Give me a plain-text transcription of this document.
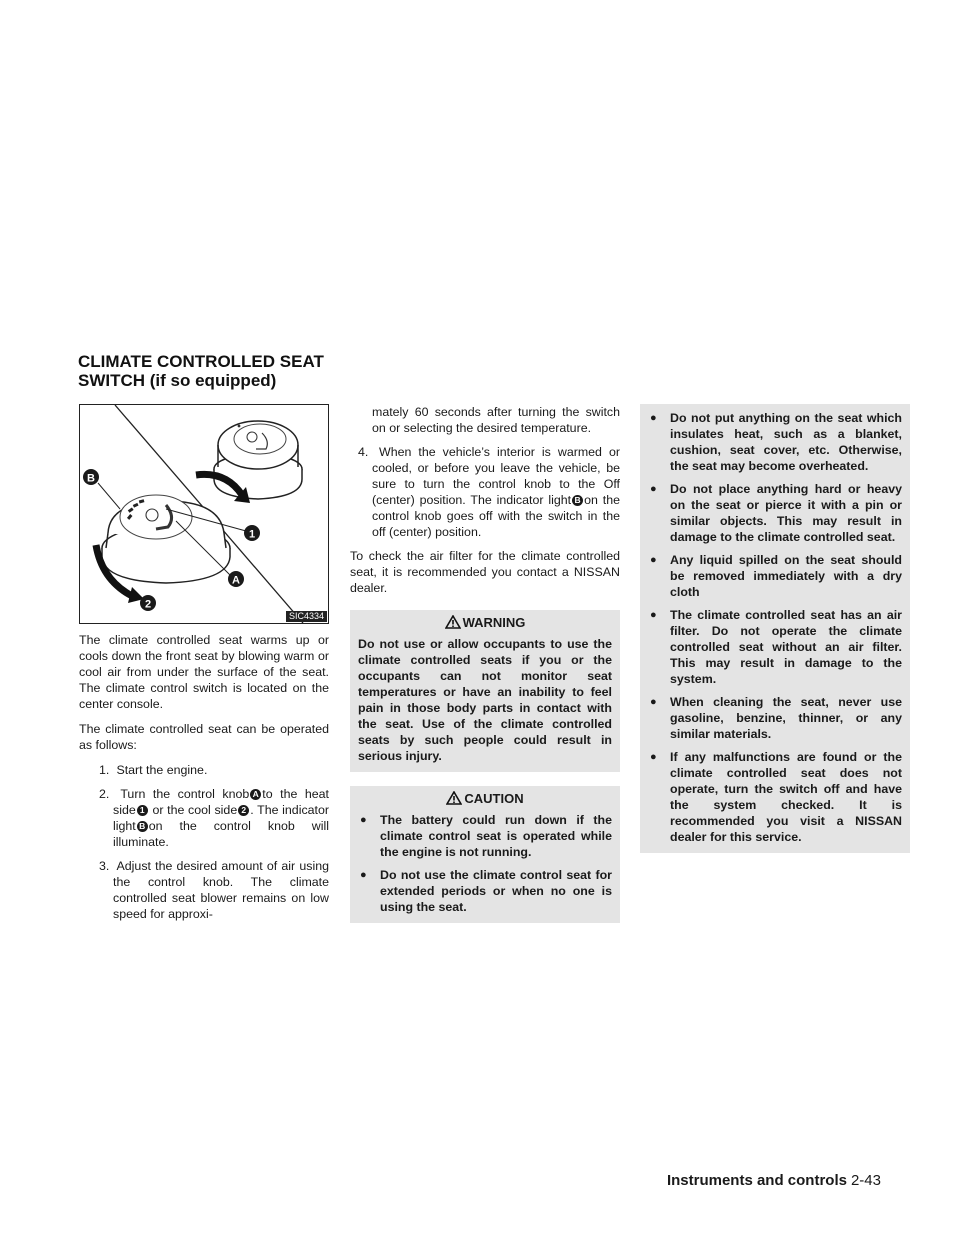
CLIMATE CONTROLLED SEAT
SWITCH (if so equipped)
B
1
A
2
SIC4334

The climate controlled seat warms up or cools down the front seat by blowing warm or cool air from under the surface of the seat. The climate control switch is located on the center console.

The climate controlled seat can be operated as follows:

1. Start the engine.
2. Turn the control knob A to the heat side 1 or the cool side 2 . The indicator light B on the control knob will illuminate.
3. Adjust the desired amount of air using the control knob. The climate controlled seat blower remains on low speed for approxi-
mately 60 seconds after turning the switch on or selecting the desired temperature.
4. When the vehicle’s interior is warmed or cooled, or before you leave the vehicle, be sure to turn the control knob to the Off (center) position. The indicator light B on the control knob goes off with the switch in the off (center) position.

To check the air filter for the climate controlled seat, it is recommended you contact a NISSAN dealer.

WARNING

Do not use or allow occupants to use the climate controlled seats if you or the occupants can not monitor seat temperatures or have an inability to feel pain in those body parts in contact with the seat. Use of the climate controlled seats by such people could result in serious injury.

CAUTION
● The battery could run down if the climate control seat is operated while the engine is not running.
● Do not use the climate control seat for extended periods or when no one is using the seat.
● Do not put anything on the seat which insulates heat, such as a blanket, cushion, seat cover, etc. Otherwise, the seat may become overheated.
● Do not place anything hard or heavy on the seat or pierce it with a pin or similar objects. This may result in damage to the climate controlled seat.
● Any liquid spilled on the seat should be removed immediately with a dry cloth
● The climate controlled seat has an air filter. Do not operate the climate controlled seat without an air filter. This may result in damage to the system.
● When cleaning the seat, never use gasoline, benzine, thinner, or any similar materials.
● If any malfunctions are found or the climate controlled seat does not operate, turn the switch off and have the system checked. It is recommended you visit a NISSAN dealer for this service.
Instruments and controls 2-43
